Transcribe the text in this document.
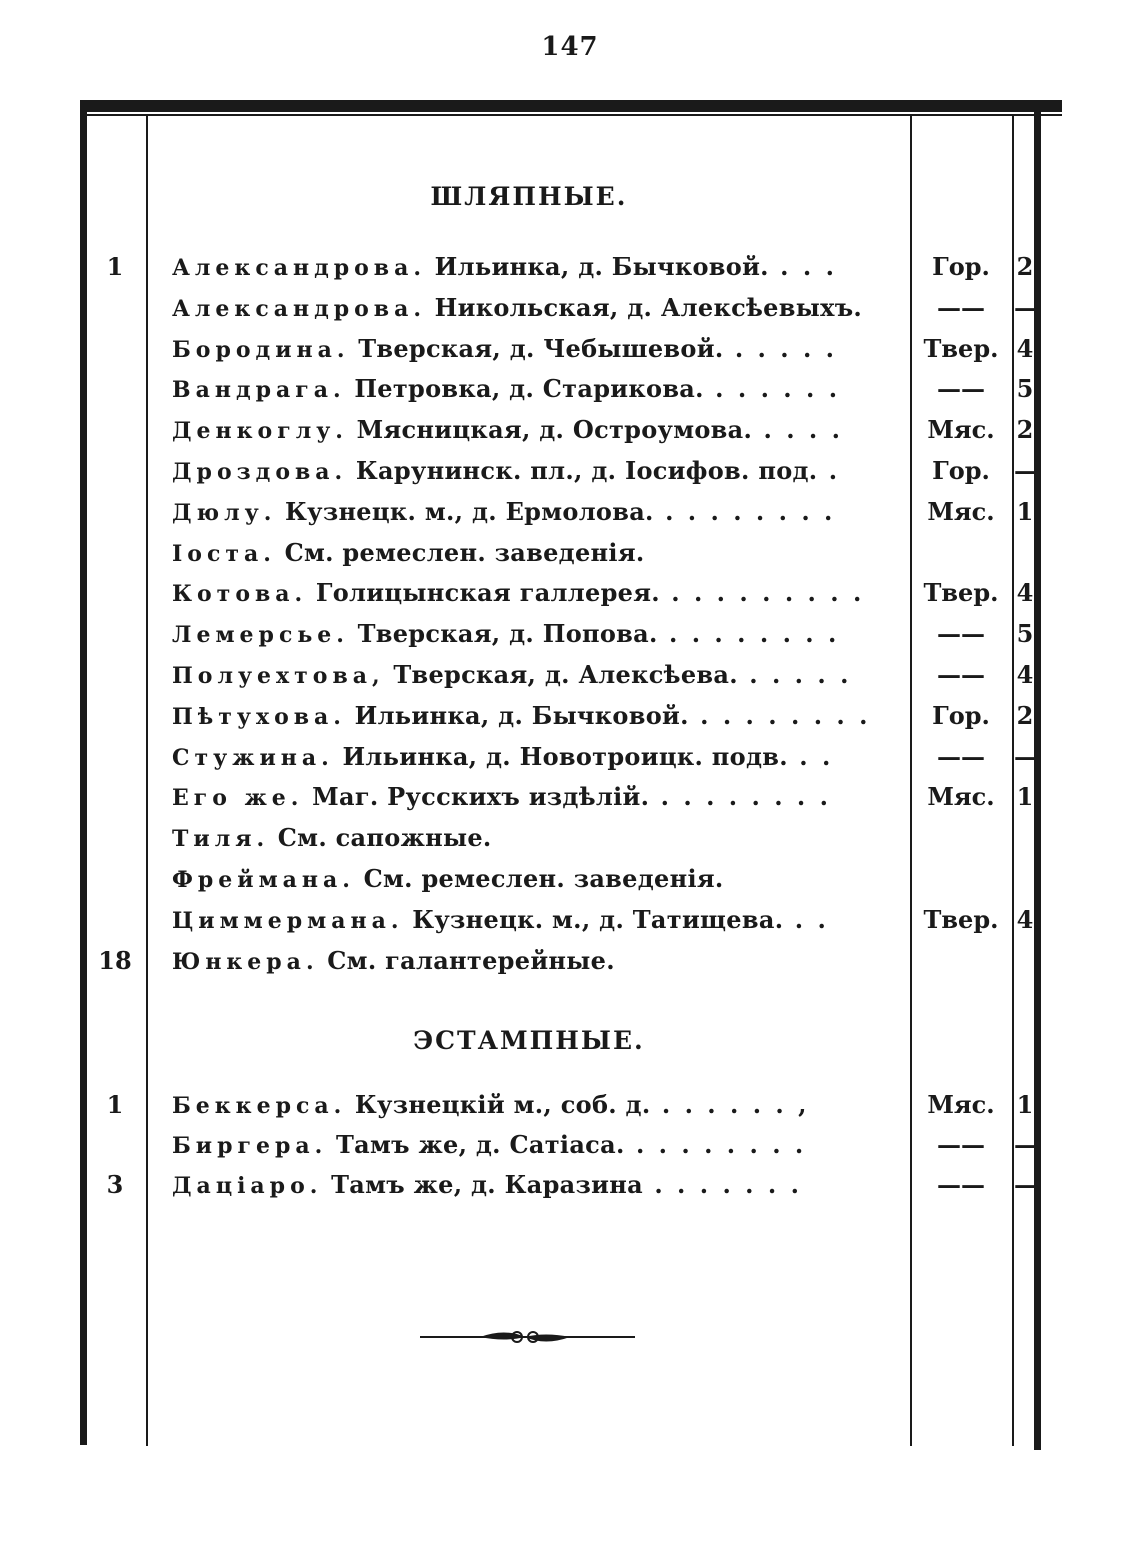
147
ШЛЯПНЫЕ.
1	Александрова. Ильинка, д. Бычковой. . . .	Гор.	2
Александрова. Никольская, д. Алексѣевыхъ.	——	—
Бородина. Тверская, д. Чебышевой. . . . . .	Твер. 4
Вандрага. Петровка, д. Старикова. . . . . . .	——	5
Денкоглу. Мясницкая, д. Остроумова. . . . .	Мяс. 2
Дроздова. Карунинск. пл., д. Іосифов. под. .	Гор.	—
Дюлу. Кузнецк. м., д. Ермолова. . . . . . . . .	Мяс. 1
Іоста. См. ремеслен. заведенія.
Котова. Голицынская галлерея. . . . . . . . . .	Твер. 4
Лемерсье. Тверская, д. Попова. . . . . . . . .	——	5
Полуехтова, Тверская, д. Алексѣева. . . . . .	——	4
Пѣтухова. Ильинка, д. Бычковой. . . . . . . . .	Гор.	2
Стужина. Ильинка, д. Новотроицк. подв. . .	——	—
Его же. Маг. Русскихъ издѣлій. . . . . . . . .	Мяс. 1
Тиля. См. сапожные.
Фреймана. См. ремеслен. заведенія.
Циммермана. Кузнецк. м., д. Татищева. . .	Твер. 4
18	Юнкера. См. галантерейные.
ЭСТАМПНЫЕ.
1	Беккерса. Кузнецкій м., соб. д. . . . . . . ,	Мяс. 1
Биргера. Тамъ же, д. Сатіаса. . . . . . . . .	——	—
3	Даціаро. Тамъ же, д. Каразина . . . . . . .	——	—
